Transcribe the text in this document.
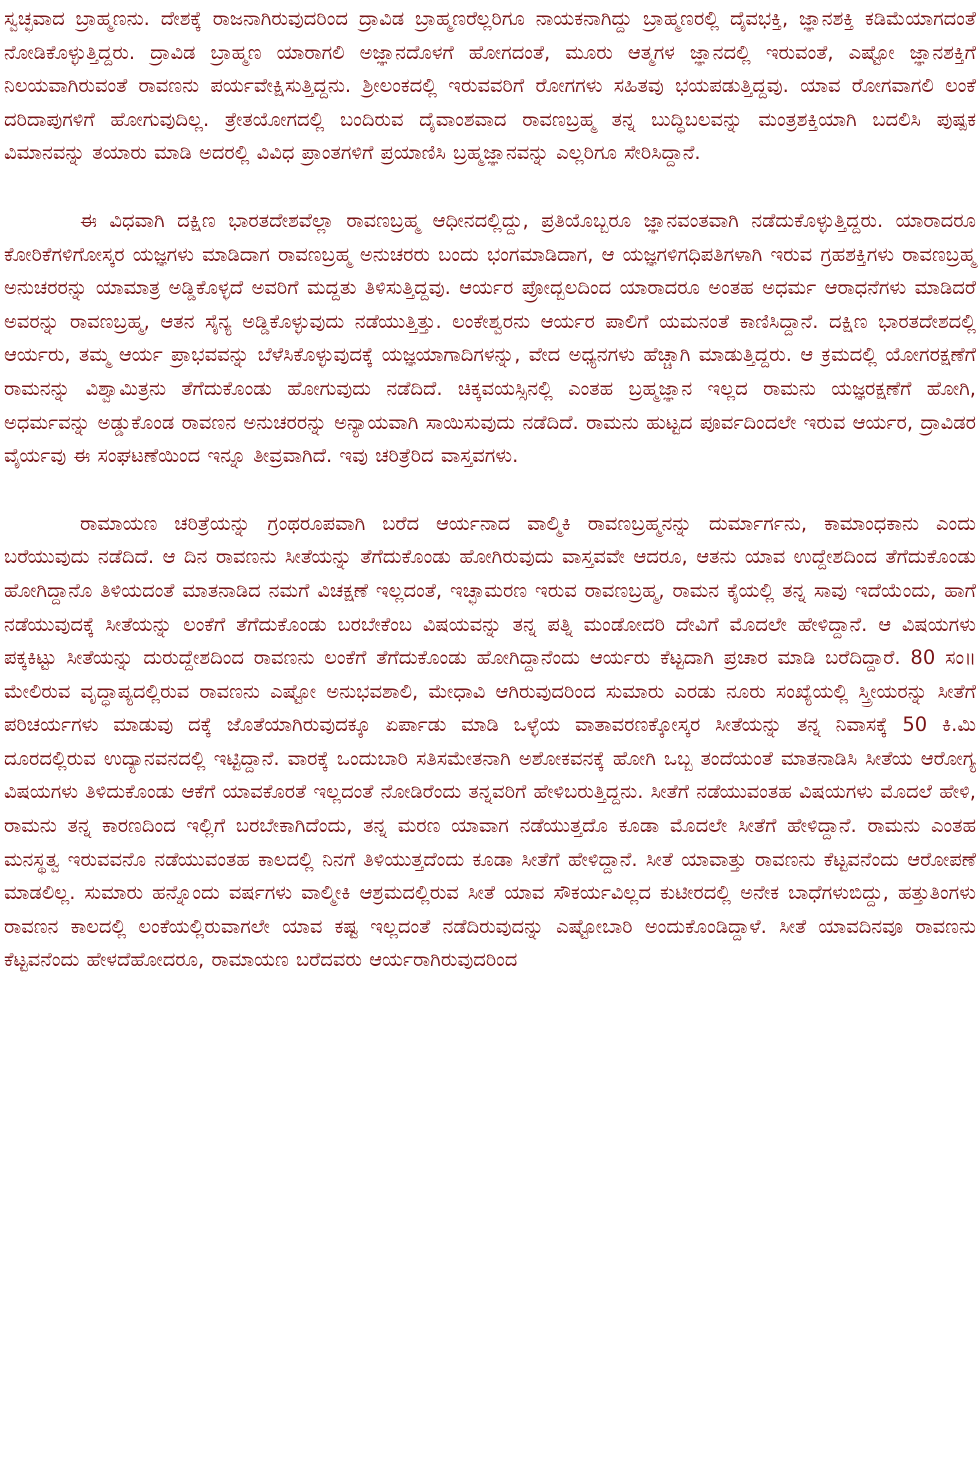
ಸ್ವಚ್ಛವಾದ ಬ್ರಾಹ್ಮಣನು. ದೇಶಕ್ಕೆ ರಾಜನಾಗಿರುವುದರಿಂದ ದ್ರಾವಿಡ ಬ್ರಾಹ್ಮಣರೆಲ್ಲರಿಗೂ ನಾಯಕನಾಗಿದ್ದು ಬ್ರಾಹ್ಮಣರಲ್ಲಿ ದೈವಭಕ್ತಿ, ಜ್ಞಾನಶಕ್ತಿ ಕಡಿಮೆಯಾಗದಂತೆ ನೋಡಿಕೊಳ್ಳುತ್ತಿದ್ದರು. ದ್ರಾವಿಡ ಬ್ರಾಹ್ಮಣ ಯಾರಾಗಲಿ ಅಜ್ಞಾನದೊಳಗೆ ಹೋಗದಂತೆ, ಮೂರು ಆತ್ಮಗಳ ಜ್ಞಾನದಲ್ಲಿ ಇರುವಂತೆ, ಎಷ್ಟೋ ಜ್ಞಾನಶಕ್ತಿಗೆ ನಿಲಯವಾಗಿರುವಂತೆ ರಾವಣನು ಪರ್ಯವೇಕ್ಷಿಸುತ್ತಿದ್ದನು. ಶ್ರೀಲಂಕದಲ್ಲಿ ಇರುವವರಿಗೆ ರೋಗಗಳು ಸಹಿತವು ಭಯಪಡುತ್ತಿದ್ದವು. ಯಾವ ರೋಗವಾಗಲಿ ಲಂಕೆ ದರಿದಾಪುಗಳಿಗೆ ಹೋಗುವುದಿಲ್ಲ. ತ್ರೇತಯೋಗದಲ್ಲಿ ಬಂದಿರುವ ದೈವಾಂಶವಾದ ರಾವಣಬ್ರಹ್ಮ ತನ್ನ ಬುದ್ಧಿಬಲವನ್ನು ಮಂತ್ರಶಕ್ತಿಯಾಗಿ ಬದಲಿಸಿ ಪುಷ್ಪಕ ವಿಮಾನವನ್ನು ತಯಾರು ಮಾಡಿ ಅದರಲ್ಲಿ ವಿವಿಧ ಪ್ರಾಂತಗಳಿಗೆ ಪ್ರಯಾಣಿಸಿ ಬ್ರಹ್ಮಜ್ಞಾನವನ್ನು ಎಲ್ಲರಿಗೂ ಸೇರಿಸಿದ್ದಾನೆ.

ಈ ವಿಧವಾಗಿ ದಕ್ಷಿಣ ಭಾರತದೇಶವೆಲ್ಲಾ ರಾವಣಬ್ರಹ್ಮ ಆಧೀನದಲ್ಲಿದ್ದು, ಪ್ರತಿಯೊಬ್ಬರೂ ಜ್ಞಾನವಂತವಾಗಿ ನಡೆದುಕೊಳ್ಳುತ್ತಿದ್ದರು. ಯಾರಾದರೂ ಕೋರಿಕೆಗಳಿಗೋಸ್ಕರ ಯಜ್ಞಗಳು ಮಾಡಿದಾಗ ರಾವಣಬ್ರಹ್ಮ ಅನುಚರರು ಬಂದು ಭಂಗಮಾಡಿದಾಗ, ಆ ಯಜ್ಞಗಳಿಗಧಿಪತಿಗಳಾಗಿ ಇರುವ ಗ್ರಹಶಕ್ತಿಗಳು ರಾವಣಬ್ರಹ್ಮ ಅನುಚರರನ್ನು ಯಾಮಾತ್ರ ಅಡ್ಡಿಕೊಳ್ಳದೆ ಅವರಿಗೆ ಮದ್ದತು ತಿಳಿಸುತ್ತಿದ್ದವು. ಆರ್ಯರ ಪ್ರೋದ್ಬಲದಿಂದ ಯಾರಾದರೂ ಅಂತಹ ಅಧರ್ಮ ಆರಾಧನೆಗಳು ಮಾಡಿದರೆ ಅವರನ್ನು ರಾವಣಬ್ರಹ್ಮ, ಆತನ ಸೈನ್ಯ ಅಡ್ಡಿಕೊಳ್ಳುವುದು ನಡೆಯುತ್ತಿತ್ತು. ಲಂಕೇಶ್ವರನು ಆರ್ಯರ ಪಾಲಿಗೆ ಯಮನಂತೆ ಕಾಣಿಸಿದ್ದಾನೆ. ದಕ್ಷಿಣ ಭಾರತದೇಶದಲ್ಲಿ ಆರ್ಯರು, ತಮ್ಮ ಆರ್ಯ ಪ್ರಾಭವವನ್ನು ಬೆಳೆಸಿಕೊಳ್ಳುವುದಕ್ಕೆ ಯಜ್ಞಯಾಗಾದಿಗಳನ್ನು, ವೇದ ಅಧ್ಯನಗಳು ಹೆಚ್ಚಾಗಿ ಮಾಡುತ್ತಿದ್ದರು. ಆ ಕ್ರಮದಲ್ಲಿ ಯೋಗರಕ್ಷಣೆಗೆ ರಾಮನನ್ನು ವಿಶ್ವಾಮಿತ್ರನು ತೆಗೆದುಕೊಂಡು ಹೋಗುವುದು ನಡೆದಿದೆ. ಚಿಕ್ಕವಯಸ್ಸಿನಲ್ಲಿ ಎಂತಹ ಬ್ರಹ್ಮಜ್ಞಾನ ಇಲ್ಲದ ರಾಮನು ಯಜ್ಞರಕ್ಷಣೆಗೆ ಹೋಗಿ, ಅಧರ್ಮವನ್ನು ಅಡ್ಡುಕೊಂಡ ರಾವಣನ ಅನುಚರರನ್ನು ಅನ್ಯಾಯವಾಗಿ ಸಾಯಿಸುವುದು ನಡೆದಿದೆ. ರಾಮನು ಹುಟ್ಟದ ಪೂರ್ವದಿಂದಲೇ ಇರುವ ಆರ್ಯರ, ದ್ರಾವಿಡರ ವೈರ್ಯವು ಈ ಸಂಘಟಣೆಯಿಂದ ಇನ್ನೂ ತೀವ್ರವಾಗಿದೆ. ಇವು ಚರಿತ್ರೆರಿದ ವಾಸ್ತವಗಳು.

ರಾಮಾಯಣ ಚರಿತ್ರೆಯನ್ನು ಗ್ರಂಥರೂಪವಾಗಿ ಬರೆದ ಆರ್ಯನಾದ ವಾಲ್ಮಿಕಿ ರಾವಣಬ್ರಹ್ಮನನ್ನು ದುರ್ಮಾರ್ಗನು, ಕಾಮಾಂಧಕಾನು ಎಂದು ಬರೆಯುವುದು ನಡೆದಿದೆ. ಆ ದಿನ ರಾವಣನು ಸೀತೆಯನ್ನು ತೆಗೆದುಕೊಂಡು ಹೋಗಿರುವುದು ವಾಸ್ತವವೇ ಆದರೂ, ಆತನು ಯಾವ ಉದ್ದೇಶದಿಂದ ತೆಗೆದುಕೊಂಡು ಹೋಗಿದ್ದಾನೊ ತಿಳಿಯದಂತೆ ಮಾತನಾಡಿದ ನಮಗೆ ವಿಚಕ್ಷಣೆ ಇಲ್ಲದಂತೆ, ಇಚ್ಛಾಮರಣ ಇರುವ ರಾವಣಬ್ರಹ್ಮ, ರಾಮನ ಕೈಯಲ್ಲಿ ತನ್ನ ಸಾವು ಇದೆಯೆಂದು, ಹಾಗೆ ನಡೆಯುವುದಕ್ಕೆ ಸೀತೆಯನ್ನು ಲಂಕೆಗೆ ತೆಗೆದುಕೊಂಡು ಬರಬೇಕೆಂಬ ವಿಷಯವನ್ನು ತನ್ನ ಪತ್ನಿ ಮಂಡೋದರಿ ದೇವಿಗೆ ಮೊದಲೇ ಹೇಳಿದ್ದಾನೆ. ಆ ವಿಷಯಗಳು ಪಕ್ಕಕಿಟ್ಟು ಸೀತೆಯನ್ನು ದುರುದ್ದೇಶದಿಂದ ರಾವಣನು ಲಂಕೆಗೆ ತೆಗೆದುಕೊಂಡು ಹೋಗಿದ್ದಾನೆಂದು ಆರ್ಯರು ಕೆಟ್ಟದಾಗಿ ಪ್ರಚಾರ ಮಾಡಿ ಬರೆದಿದ್ದಾರೆ. 80 ಸಂ॥ ಮೇಲಿರುವ ವೃದ್ಧಾಪ್ಯದಲ್ಲಿರುವ ರಾವಣನು ಎಷ್ಟೋ ಅನುಭವಶಾಲಿ, ಮೇಧಾವಿ ಆಗಿರುವುದರಿಂದ ಸುಮಾರು ಎರಡು ನೂರು ಸಂಖ್ಯೆಯಲ್ಲಿ ಸ್ತ್ರೀಯರನ್ನು ಸೀತೆಗೆ ಪರಿಚರ್ಯಗಳು ಮಾಡುವು ದಕ್ಕೆ ಜೊತೆಯಾಗಿರುವುದಕ್ಕೂ ಏರ್ಪಾಡು ಮಾಡಿ ಒಳ್ಳೆಯ ವಾತಾವರಣಕ್ಕೋಸ್ಕರ ಸೀತೆಯನ್ನು ತನ್ನ ನಿವಾಸಕ್ಕೆ 50 ಕಿ.ಮಿ ದೂರದಲ್ಲಿರುವ ಉದ್ಯಾನವನದಲ್ಲಿ ಇಟ್ಟಿದ್ದಾನೆ. ವಾರಕ್ಕೆ ಒಂದುಬಾರಿ ಸತಿಸಮೇತನಾಗಿ ಅಶೋಕವನಕ್ಕೆ ಹೋಗಿ ಒಬ್ಬ ತಂದೆಯಂತೆ ಮಾತನಾಡಿಸಿ ಸೀತೆಯ ಆರೋಗ್ಯ ವಿಷಯಗಳು ತಿಳಿದುಕೊಂಡು ಆಕೆಗೆ ಯಾವಕೊರತೆ ಇಲ್ಲದಂತೆ ನೋಡಿರೆಂದು ತನ್ನವರಿಗೆ ಹೇಳಿಬರುತ್ತಿದ್ದನು. ಸೀತೆಗೆ ನಡೆಯುವಂತಹ ವಿಷಯಗಳು ಮೊದಲೆ ಹೇಳಿ, ರಾಮನು ತನ್ನ ಕಾರಣದಿಂದ ಇಲ್ಲಿಗೆ ಬರಬೇಕಾಗಿದೆಂದು, ತನ್ನ ಮರಣ ಯಾವಾಗ ನಡೆಯುತ್ತದೊ ಕೂಡಾ ಮೊದಲೇ ಸೀತೆಗೆ ಹೇಳಿದ್ದಾನೆ. ರಾಮನು ಎಂತಹ ಮನಸ್ಥತ್ವ ಇರುವವನೊ ನಡೆಯುವಂತಹ ಕಾಲದಲ್ಲಿ ನಿನಗೆ ತಿಳಿಯುತ್ತದೆಂದು ಕೂಡಾ ಸೀತೆಗೆ ಹೇಳಿದ್ದಾನೆ. ಸೀತೆ ಯಾವಾತ್ತು ರಾವಣನು ಕೆಟ್ಟವನೆಂದು ಆರೋಪಣೆ ಮಾಡಲಿಲ್ಲ. ಸುಮಾರು ಹನ್ನೊಂದು ವರ್ಷಗಳು ವಾಲ್ಮೀಕಿ ಆಶ್ರಮದಲ್ಲಿರುವ ಸೀತೆ ಯಾವ ಸೌಕರ್ಯವಿಲ್ಲದ ಕುಟೀರದಲ್ಲಿ ಅನೇಕ ಬಾಧೆಗಳುಬಿದ್ದು, ಹತ್ತುತಿಂಗಳು ರಾವಣನ ಕಾಲದಲ್ಲಿ ಲಂಕೆಯಲ್ಲಿರುವಾಗಲೇ ಯಾವ ಕಷ್ಟ ಇಲ್ಲದಂತೆ ನಡೆದಿರುವುದನ್ನು ಎಷ್ಟೋಬಾರಿ ಅಂದುಕೊಂಡಿದ್ದಾಳೆ. ಸೀತೆ ಯಾವದಿನವೂ ರಾವಣನು ಕೆಟ್ಟವನೆಂದು ಹೇಳದೆಹೋದರೂ, ರಾಮಾಯಣ ಬರೆದವರು ಆರ್ಯರಾಗಿರುವುದರಿಂದ
